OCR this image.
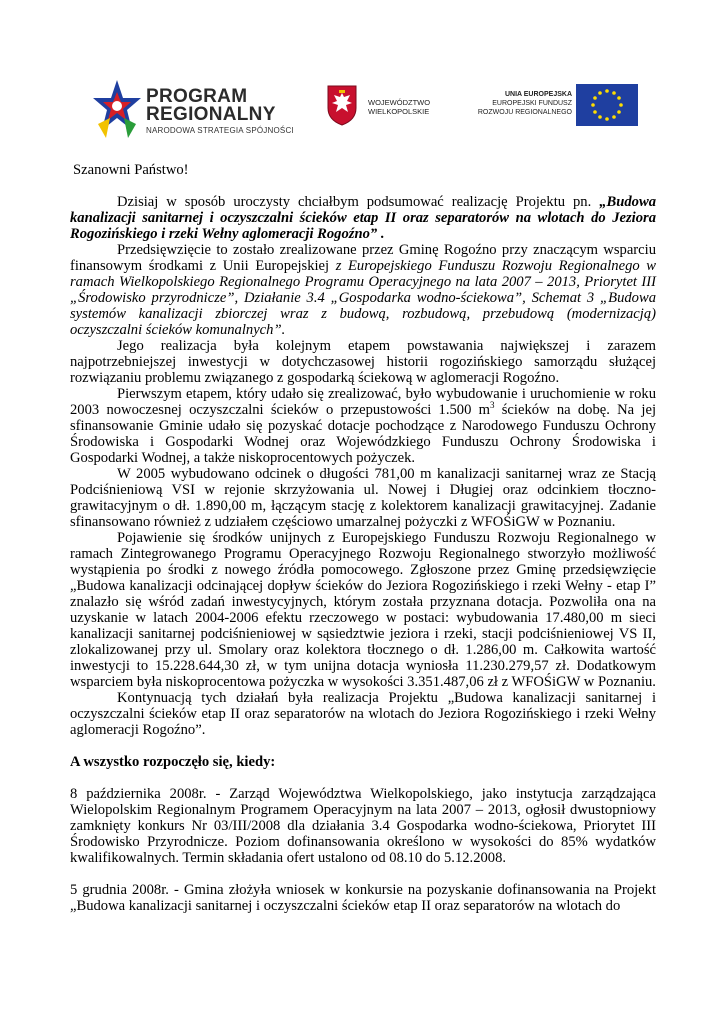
PROGRAM
REGIONALNY
NARODOWA STRATEGIA SPÓJNOŚCI
WOJEWÓDZTWO
WIELKOPOLSKIE
UNIA EUROPEJSKA
EUROPEJSKI FUNDUSZ
ROZWOJU REGIONALNEGO

Szanowni Państwo!

Dzisiaj w sposób uroczysty chciałbym podsumować realizację Projektu pn. „Budowa kanalizacji sanitarnej i oczyszczalni ścieków etap II oraz separatorów na wlotach do Jeziora Rogozińskiego i rzeki Wełny aglomeracji Rogoźno” .

Przedsięwzięcie to zostało zrealizowane przez Gminę Rogoźno przy znaczącym wsparciu finansowym środkami z Unii Europejskiej z Europejskiego Funduszu Rozwoju Regionalnego w ramach Wielkopolskiego Regionalnego Programu Operacyjnego na lata 2007 – 2013, Priorytet III „Środowisko przyrodnicze”, Działanie 3.4 „Gospodarka wodno-ściekowa”, Schemat 3 „Budowa systemów kanalizacji zbiorczej wraz z budową, rozbudową, przebudową (modernizacją) oczyszczalni ścieków komunalnych”.

Jego realizacja była kolejnym etapem powstawania największej i zarazem najpotrzebniejszej inwestycji w dotychczasowej historii rogozińskiego samorządu służącej rozwiązaniu problemu związanego z gospodarką ściekową w aglomeracji Rogoźno.

Pierwszym etapem, który udało się zrealizować, było wybudowanie i uruchomienie w roku 2003 nowoczesnej oczyszczalni ścieków o przepustowości 1.500 $m^3$ ścieków na dobę. Na jej sfinansowanie Gminie udało się pozyskać dotacje pochodzące z Narodowego Funduszu Ochrony Środowiska i Gospodarki Wodnej oraz Wojewódzkiego Funduszu Ochrony Środowiska i Gospodarki Wodnej, a także niskoprocentowych pożyczek.

W 2005 wybudowano odcinek o długości 781,00 m kanalizacji sanitarnej wraz ze Stacją Podciśnieniową VSI w rejonie skrzyżowania ul. Nowej i Długiej oraz odcinkiem tłoczno-grawitacyjnym o dł. 1.890,00 m, łączącym stację z kolektorem kanalizacji grawitacyjnej. Zadanie sfinansowano również z udziałem częściowo umarzalnej pożyczki z WFOŚiGW w Poznaniu.

Pojawienie się środków unijnych z Europejskiego Funduszu Rozwoju Regionalnego w ramach Zintegrowanego Programu Operacyjnego Rozwoju Regionalnego stworzyło możliwość wystąpienia po środki z nowego źródła pomocowego. Zgłoszone przez Gminę przedsięwzięcie „Budowa kanalizacji odcinającej dopływ ścieków do Jeziora Rogozińskiego i rzeki Wełny - etap I” znalazło się wśród zadań inwestycyjnych, którym została przyznana dotacja. Pozwoliła ona na uzyskanie w latach 2004-2006 efektu rzeczowego w postaci: wybudowania 17.480,00 m sieci kanalizacji sanitarnej podciśnieniowej w sąsiedztwie jeziora i rzeki, stacji podciśnieniowej VS II, zlokalizowanej przy ul. Smolary oraz kolektora tłocznego o dł. 1.286,00 m. Całkowita wartość inwestycji to 15.228.644,30 zł, w tym unijna dotacja wyniosła 11.230.279,57 zł. Dodatkowym wsparciem była niskoprocentowa pożyczka w wysokości 3.351.487,06 zł z WFOŚiGW w Poznaniu.

Kontynuacją tych działań była realizacja Projektu „Budowa kanalizacji sanitarnej i oczyszczalni ścieków etap II oraz separatorów na wlotach do Jeziora Rogozińskiego i rzeki Wełny aglomeracji Rogoźno”.

A wszystko rozpoczęło się, kiedy:

8 października 2008r. - Zarząd Województwa Wielkopolskiego, jako instytucja zarządzająca Wielopolskim Regionalnym Programem Operacyjnym na lata 2007 – 2013, ogłosił dwustopniowy zamknięty konkurs Nr 03/III/2008 dla działania 3.4 Gospodarka wodno-ściekowa, Priorytet III Środowisko Przyrodnicze. Poziom dofinansowania określono w wysokości do 85% wydatków kwalifikowalnych. Termin składania ofert ustalono od 08.10 do 5.12.2008.

5 grudnia 2008r. - Gmina złożyła wniosek w konkursie na pozyskanie dofinansowania na Projekt „Budowa kanalizacji sanitarnej i oczyszczalni ścieków etap II oraz separatorów na wlotach do
